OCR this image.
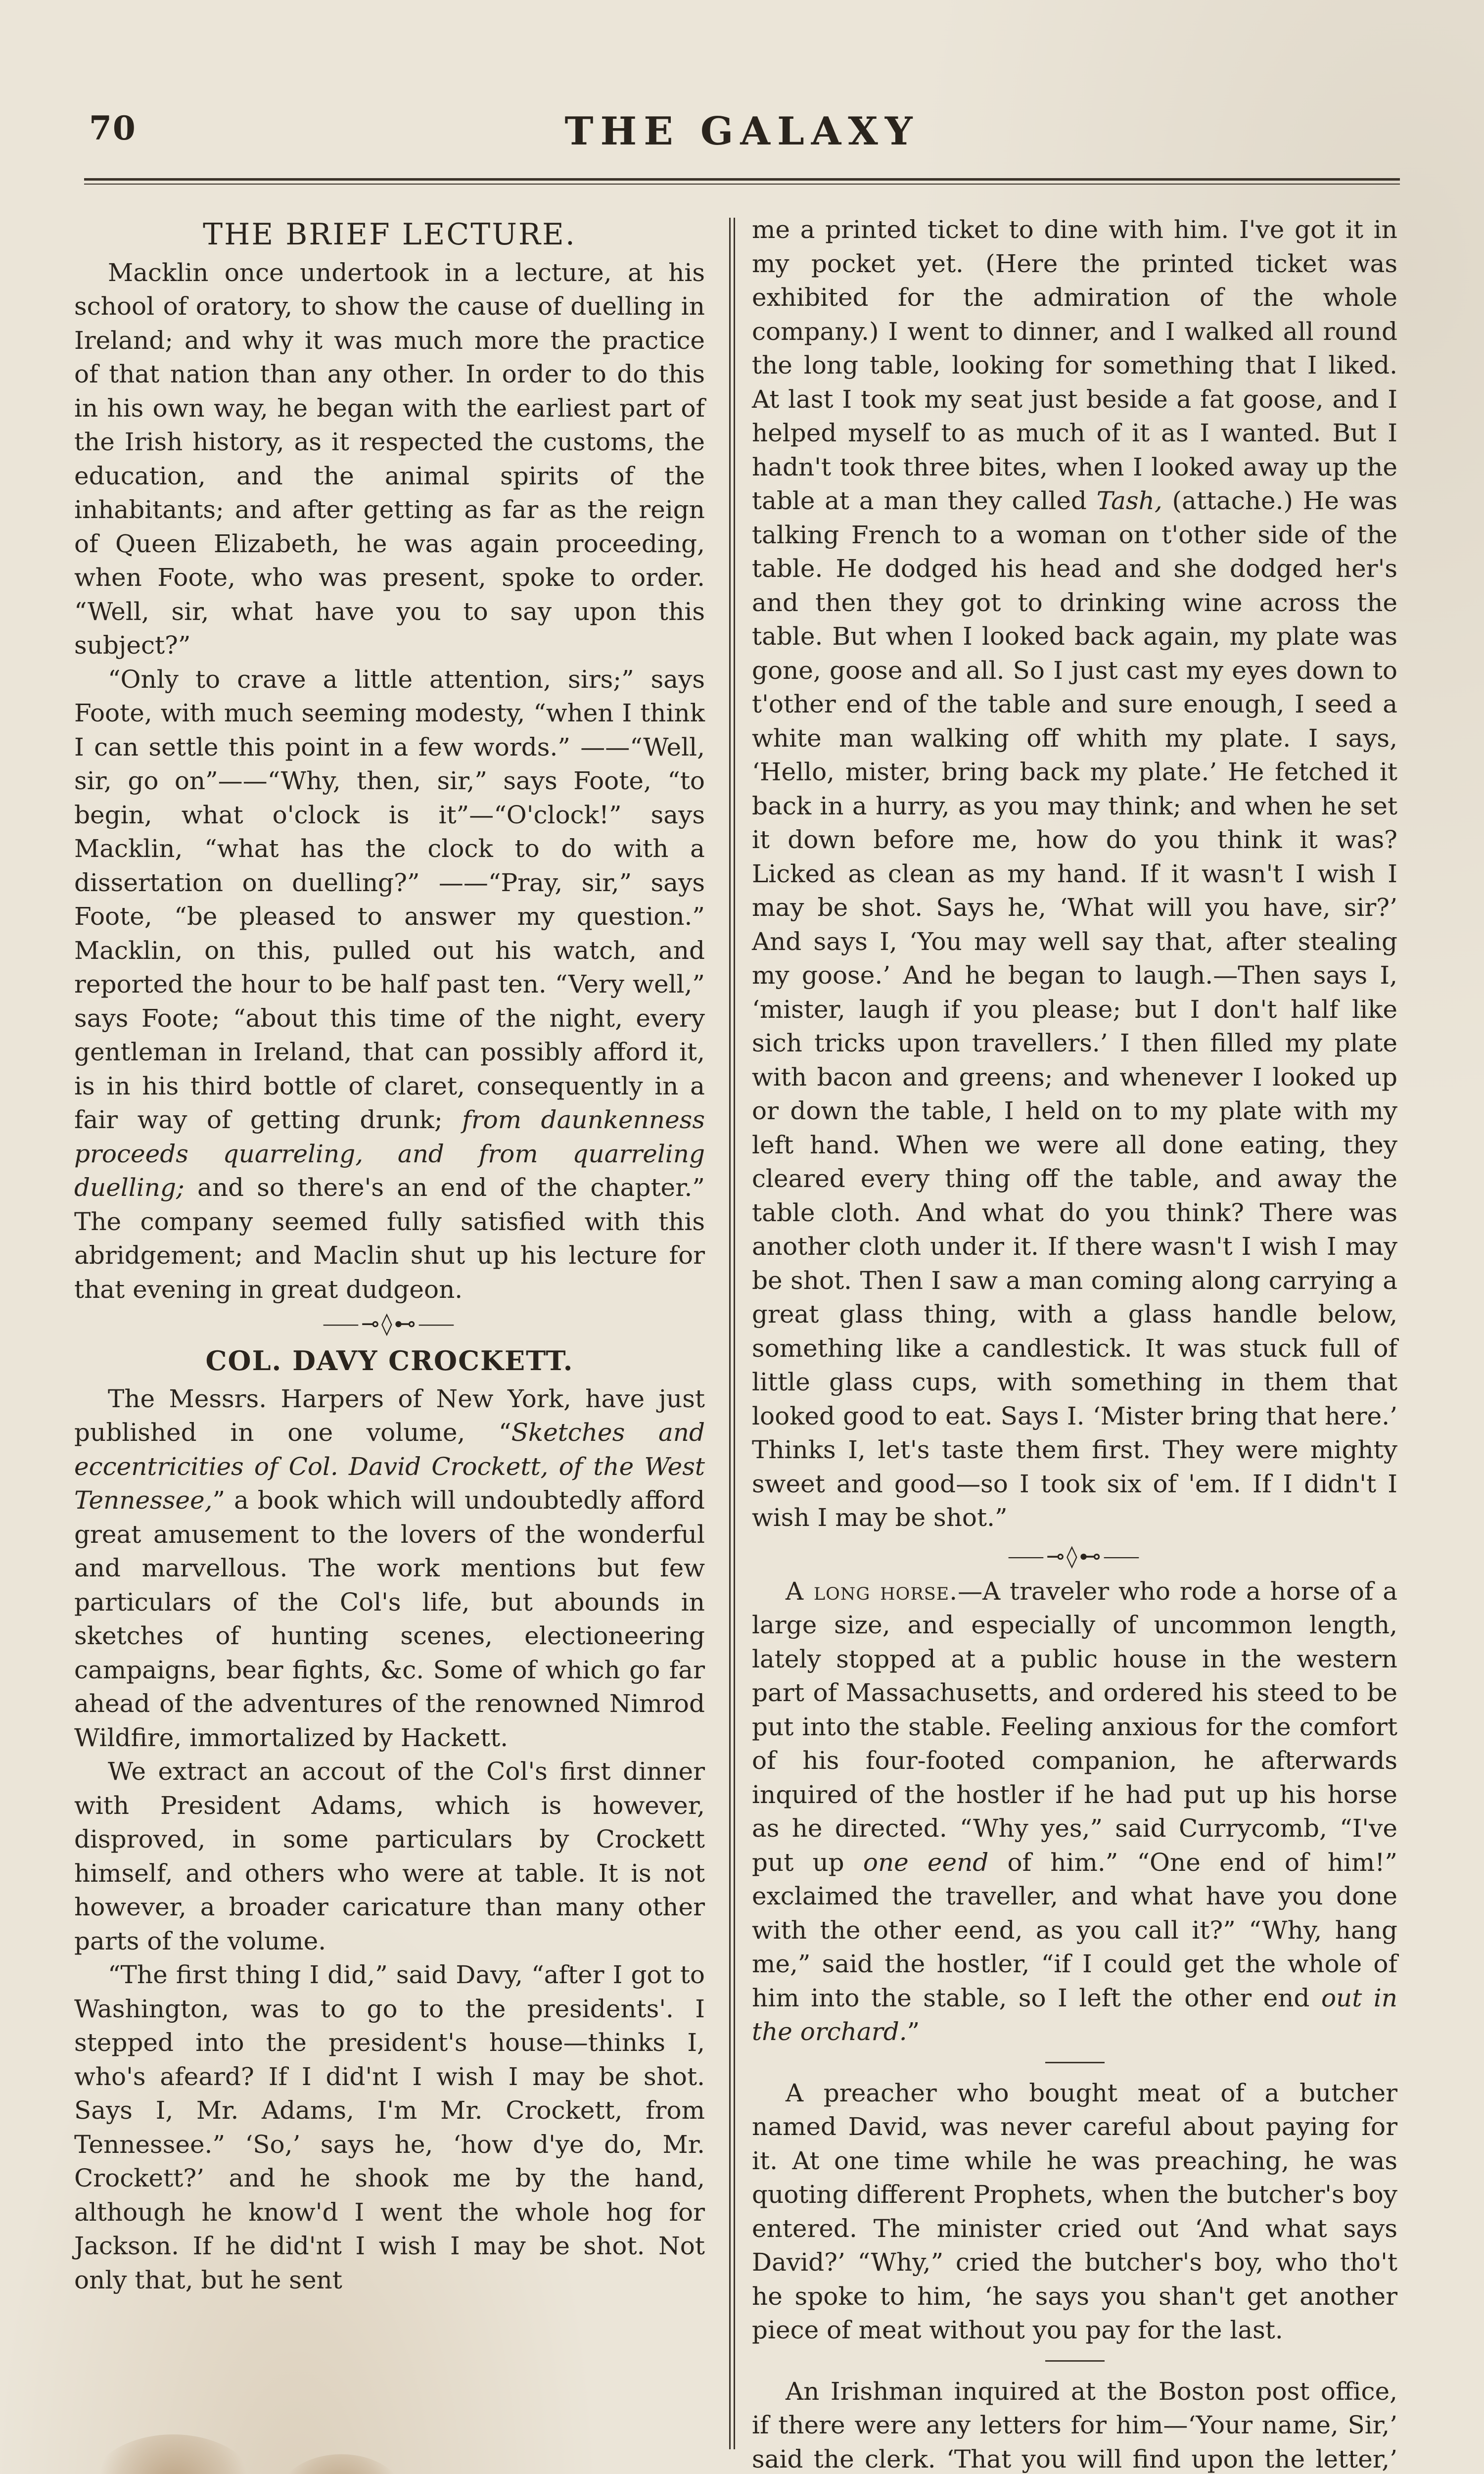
70	THE GALAXY
THE BRIEF LECTURE.

Macklin once undertook in a lecture, at his school of oratory, to show the cause of duelling in Ireland; and why it was much more the practice of that nation than any other. In order to do this in his own way, he began with the earliest part of the Irish history, as it respected the customs, the education, and the animal spirits of the inhabitants; and after getting as far as the reign of Queen Elizabeth, he was again proceeding, when Foote, who was present, spoke to order. “Well, sir, what have you to say upon this subject?”

“Only to crave a little attention, sirs;” says Foote, with much seeming modesty, “when I think I can settle this point in a few words.” ——“Well, sir, go on”——“Why, then, sir,” says Foote, “to begin, what o'clock is it”—“O'clock!” says Macklin, “what has the clock to do with a dissertation on duelling?” ——“Pray, sir,” says Foote, “be pleased to answer my question.” Macklin, on this, pulled out his watch, and reported the hour to be half past ten. “Very well,” says Foote; “about this time of the night, every gentleman in Ireland, that can possibly afford it, is in his third bottle of claret, consequently in a fair way of getting drunk; from daunkenness proceeds quarreling, and from quarreling duelling; and so there's an end of the chapter.” The company seemed fully satisfied with this abridgement; and Maclin shut up his lecture for that evening in great dudgeon.

⸺⊸◊⊷⸺
COL. DAVY CROCKETT.

The Messrs. Harpers of New York, have just published in one volume, “Sketches and eccentricities of Col. David Crockett, of the West Tennessee,” a book which will undoubtedly afford great amusement to the lovers of the wonderful and marvellous. The work mentions but few particulars of the Col's life, but abounds in sketches of hunting scenes, electioneering campaigns, bear fights, &c. Some of which go far ahead of the adventures of the renowned Nimrod Wildfire, immortalized by Hackett.

We extract an accout of the Col's first dinner with President Adams, which is however, disproved, in some particulars by Crockett himself, and others who were at table. It is not however, a broader caricature than many other parts of the volume.

“The first thing I did,” said Davy, “after I got to Washington, was to go to the presidents'. I stepped into the president's house—thinks I, who's afeard? If I did'nt I wish I may be shot. Says I, Mr. Adams, I'm Mr. Crockett, from Tennessee.” ‘So,’ says he, ‘how d'ye do, Mr. Crockett?’ and he shook me by the hand, although he know'd I went the whole hog for Jackson. If he did'nt I wish I may be shot. Not only that, but he sent

me a printed ticket to dine with him. I've got it in my pocket yet. (Here the printed ticket was exhibited for the admiration of the whole company.) I went to dinner, and I walked all round the long table, looking for something that I liked. At last I took my seat just beside a fat goose, and I helped myself to as much of it as I wanted. But I hadn't took three bites, when I looked away up the table at a man they called Tash, (attache.) He was talking French to a woman on t'other side of the table. He dodged his head and she dodged her's and then they got to drinking wine across the table. But when I looked back again, my plate was gone, goose and all. So I just cast my eyes down to t'other end of the table and sure enough, I seed a white man walking off whith my plate. I says, ‘Hello, mister, bring back my plate.’ He fetched it back in a hurry, as you may think; and when he set it down before me, how do you think it was? Licked as clean as my hand. If it wasn't I wish I may be shot. Says he, ‘What will you have, sir?’ And says I, ‘You may well say that, after stealing my goose.’ And he began to laugh.—Then says I, ‘mister, laugh if you please; but I don't half like sich tricks upon travellers.’ I then filled my plate with bacon and greens; and whenever I looked up or down the table, I held on to my plate with my left hand. When we were all done eating, they cleared every thing off the table, and away the table cloth. And what do you think? There was another cloth under it. If there wasn't I wish I may be shot. Then I saw a man coming along carrying a great glass thing, with a glass handle below, something like a candlestick. It was stuck full of little glass cups, with something in them that looked good to eat. Says I. ‘Mister bring that here.’ Thinks I, let's taste them first. They were mighty sweet and good—so I took six of 'em. If I didn't I wish I may be shot.”

⸺⊸◊⊷⸺

A long horse.—A traveler who rode a horse of a large size, and especially of uncommon length, lately stopped at a public house in the western part of Massachusetts, and ordered his steed to be put into the stable. Feeling anxious for the comfort of his four-footed companion, he afterwards inquired of the hostler if he had put up his horse as he directed. “Why yes,” said Currycomb, “I've put up one eend of him.” “One end of him!” exclaimed the traveller, and what have you done with the other eend, as you call it?” “Why, hang me,” said the hostler, “if I could get the whole of him into the stable, so I left the other end out in the orchard.”

A preacher who bought meat of a butcher named David, was never careful about paying for it. At one time while he was preaching, he was quoting different Prophets, when the butcher's boy entered. The minister cried out ‘And what says David?’ “Why,” cried the butcher's boy, who tho't he spoke to him, ‘he says you shan't get another piece of meat without you pay for the last.

An Irishman inquired at the Boston post office, if there were any letters for him—‘Your name, Sir,’ said the clerk. ‘That you will find upon the letter,’
